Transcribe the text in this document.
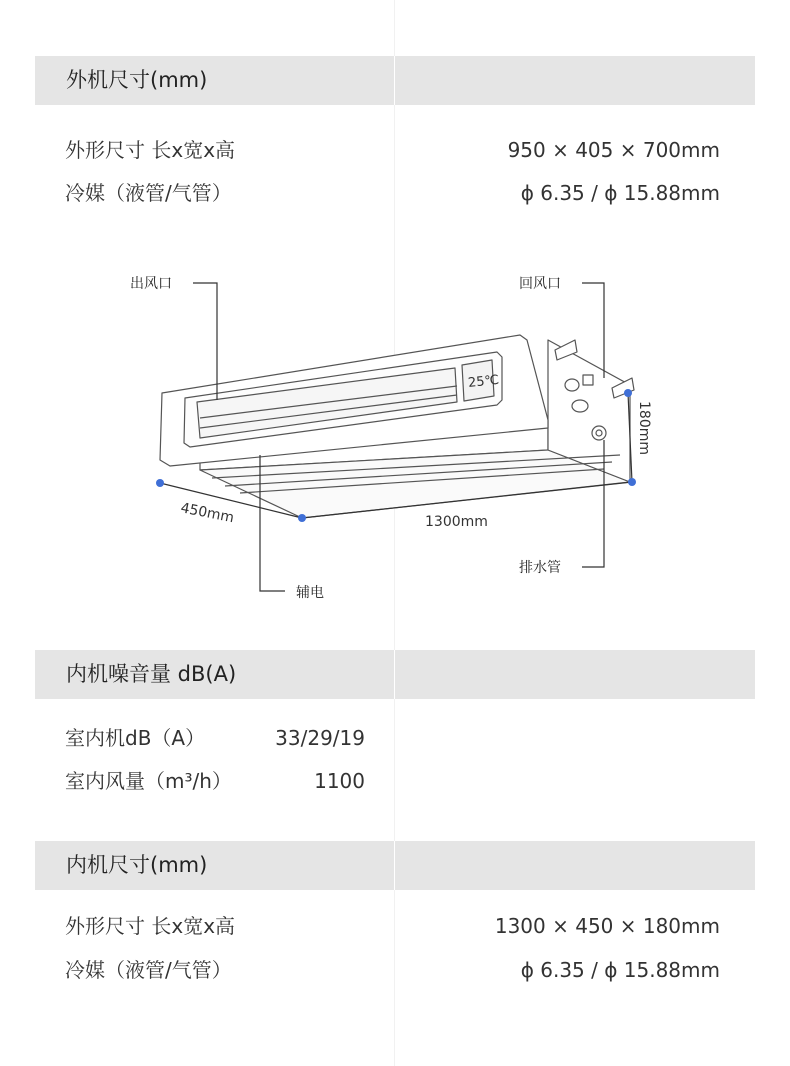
外机尺寸(mm)
外形尺寸 长x宽x高	950 × 405 × 700mm
冷媒（液管/气管）	ϕ 6.35 / ϕ 15.88mm
25℃
出风口	回风口
排水管
辅电
450mm	1300mm
180mm
内机噪音量 dB(A)
室内机dB（A）	33/29/19
室内风量（m³/h）	1100
内机尺寸(mm)
外形尺寸 长x宽x高	1300 × 450 × 180mm
冷媒（液管/气管）	ϕ 6.35 / ϕ 15.88mm
